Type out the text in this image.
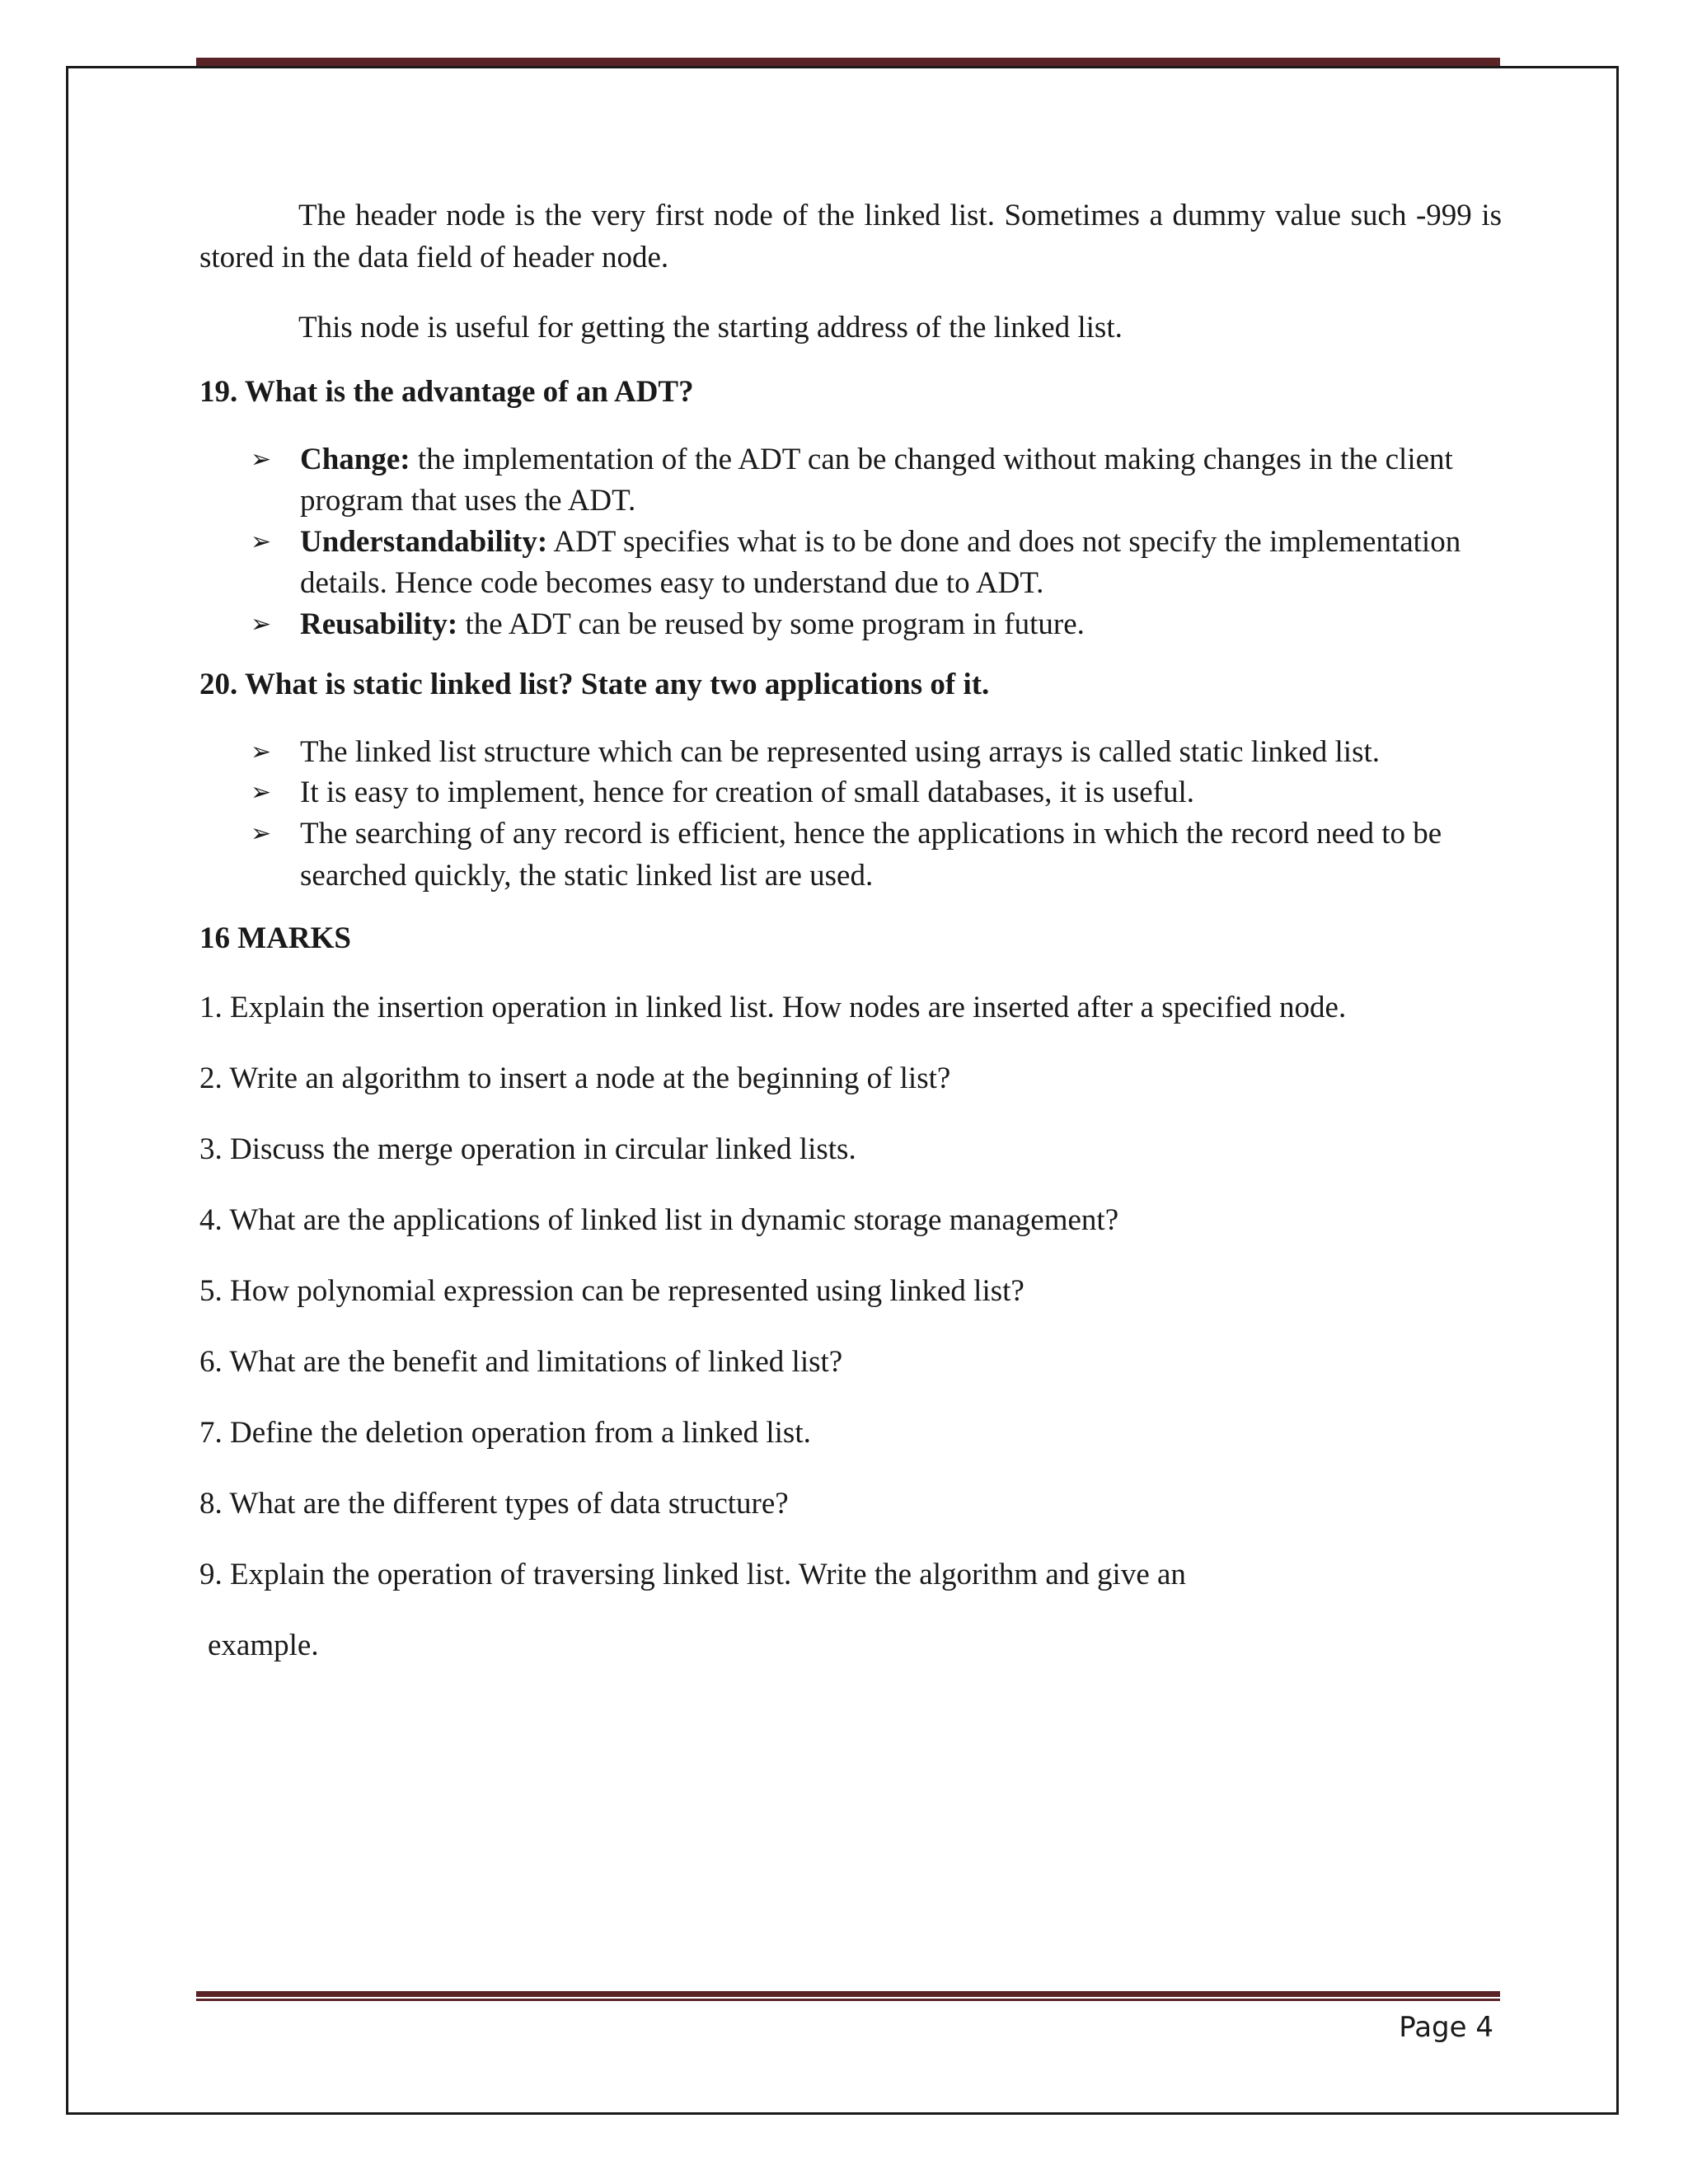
The header node is the very first node of the linked list. Sometimes a dummy value such -999 is stored in the data field of header node.

This node is useful for getting the starting address of the linked list.

19. What is the advantage of an ADT?

➢ Change: the implementation of the ADT can be changed without making changes in the client program that uses the ADT.
➢ Understandability: ADT specifies what is to be done and does not specify the implementation details. Hence code becomes easy to understand due to ADT.
➢ Reusability: the ADT can be reused by some program in future.

20. What is static linked list? State any two applications of it.

➢ The linked list structure which can be represented using arrays is called static linked list.
➢ It is easy to implement, hence for creation of small databases, it is useful.
➢ The searching of any record is efficient, hence the applications in which the record need to be searched quickly, the static linked list are used.

16 MARKS

1. Explain the insertion operation in linked list. How nodes are inserted after a specified node.

2. Write an algorithm to insert a node at the beginning of list?

3. Discuss the merge operation in circular linked lists.

4. What are the applications of linked list in dynamic storage management?

5. How polynomial expression can be represented using linked list?

6. What are the benefit and limitations of linked list?

7. Define the deletion operation from a linked list.

8. What are the different types of data structure?

9. Explain the operation of traversing linked list. Write the algorithm and give an

example.

Page 4
